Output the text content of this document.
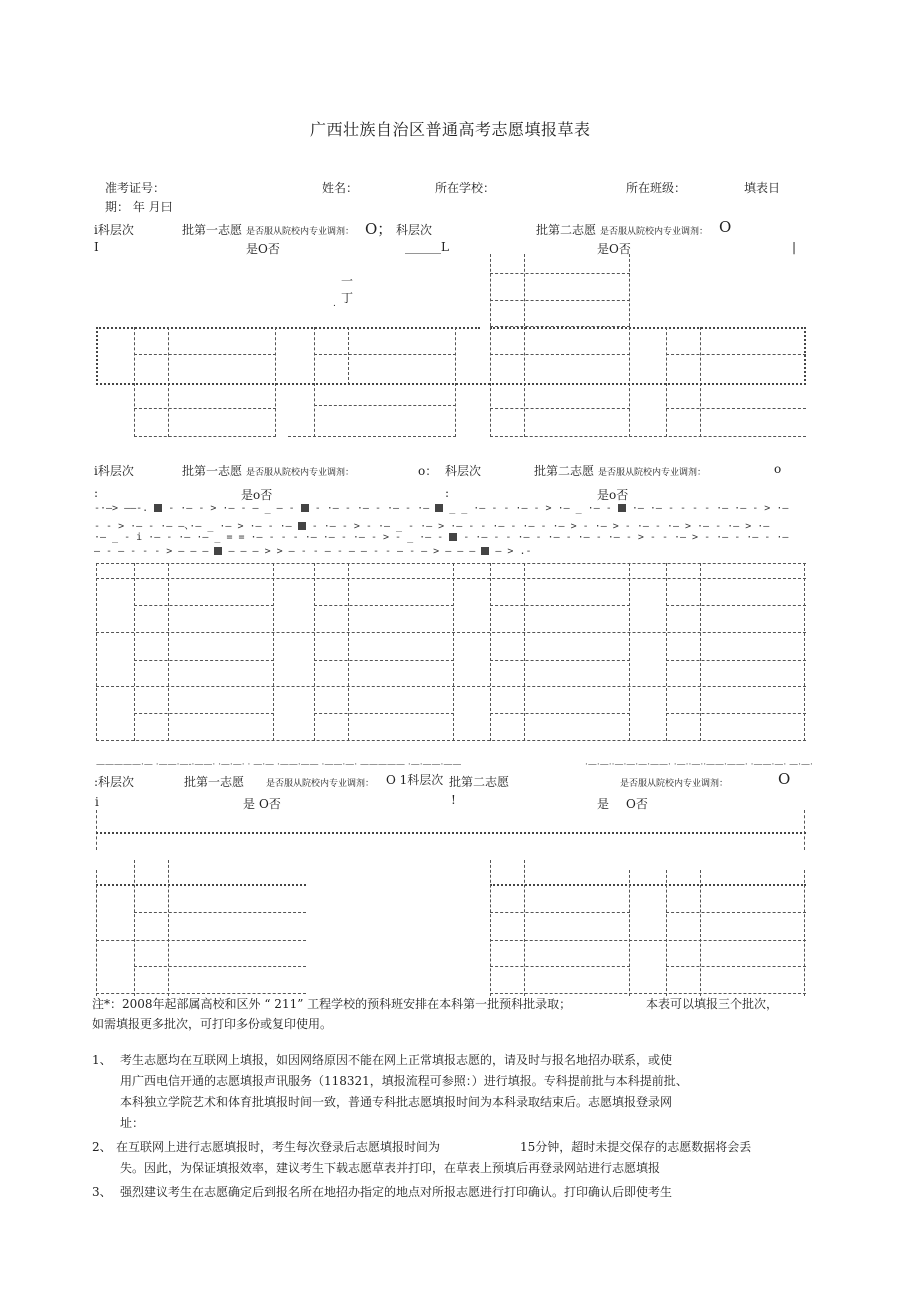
广西壮族自治区普通高考志愿填报草表
准考证号：	姓名：	所在学校：	所在班级：	填表日
期： 年 月曰
i科层次	批第一志愿 是否服从院校内专业调剂： O； 科层次	批第二志愿 是否服从院校内专业调剂： O
I	是O否	______L	是O否	|
一
丁
.
i科层次	批第一志愿 是否服从院校内专业调剂：	o： 科层次	批第二志愿 是否服从院校内专业调剂：	o
:	是o否	:	是o否
-·—> ——-. - ·— - > ·— - — _ — - - ·— - ·— - ·— - ·— _ _ ·— - - ·— - > ·— _ ·— - ·— ·— - - - - ·— ·— - > ·—
- - > ·— - ·— —、·— _ ·— > ·— - ·— - ·— - > - ·— _ - ·— > ·— - - ·— - ·— - ·— > - ·— > - ·— - ·— > ·— - ·— > ·—
·— _ - i ·— - ·— ·— _ = = ·— - - - ·— ·— - ·— - > - _ ·— - - ·— - - ·— - ·— - ·— - ·— - > - - ·— > - ·— - ·— - ·—
— - — - - - > — — — — — — > > — - - — - — — - - — - — > — — — — > .-
—————·— ·——·—-·——· ·—·—· · —·— ·——·—— ·——·—· ————— ·—·——·——	·—·—··—·—·—·——· ·—··—··——·——· ·——·—· —·—·
:科层次	批第一志愿 是否服从院校内专业调剂： O 1科层次 批第二志愿	是否服从院校内专业调剂：	O
i	是 O否	!	是 O否
注*：2008年起部属高校和区外 “ 211” 工程学校的预科班安排在本科第一批预科批录取；	本表可以填报三个批次，
如需填报更多批次，可打印多份或复印使用。
1、 考生志愿均在互联网上填报，如因网络原因不能在网上正常填报志愿的，请及时与报名地招办联系，或使
用广西电信开通的志愿填报声讯服务（118321，填报流程可参照：）进行填报。专科提前批与本科提前批、
本科独立学院艺术和体育批填报时间一致，普通专科批志愿填报时间为本科录取结束后。志愿填报登录网
址：
2、 在互联网上进行志愿填报时，考生每次登录后志愿填报时间为	15分钟，超时未提交保存的志愿数据将会丢
失。因此，为保证填报效率，建议考生下载志愿草表并打印，在草表上预填后再登录网站进行志愿填报
3、 强烈建议考生在志愿确定后到报名所在地招办指定的地点对所报志愿进行打印确认。打印确认后即使考生
